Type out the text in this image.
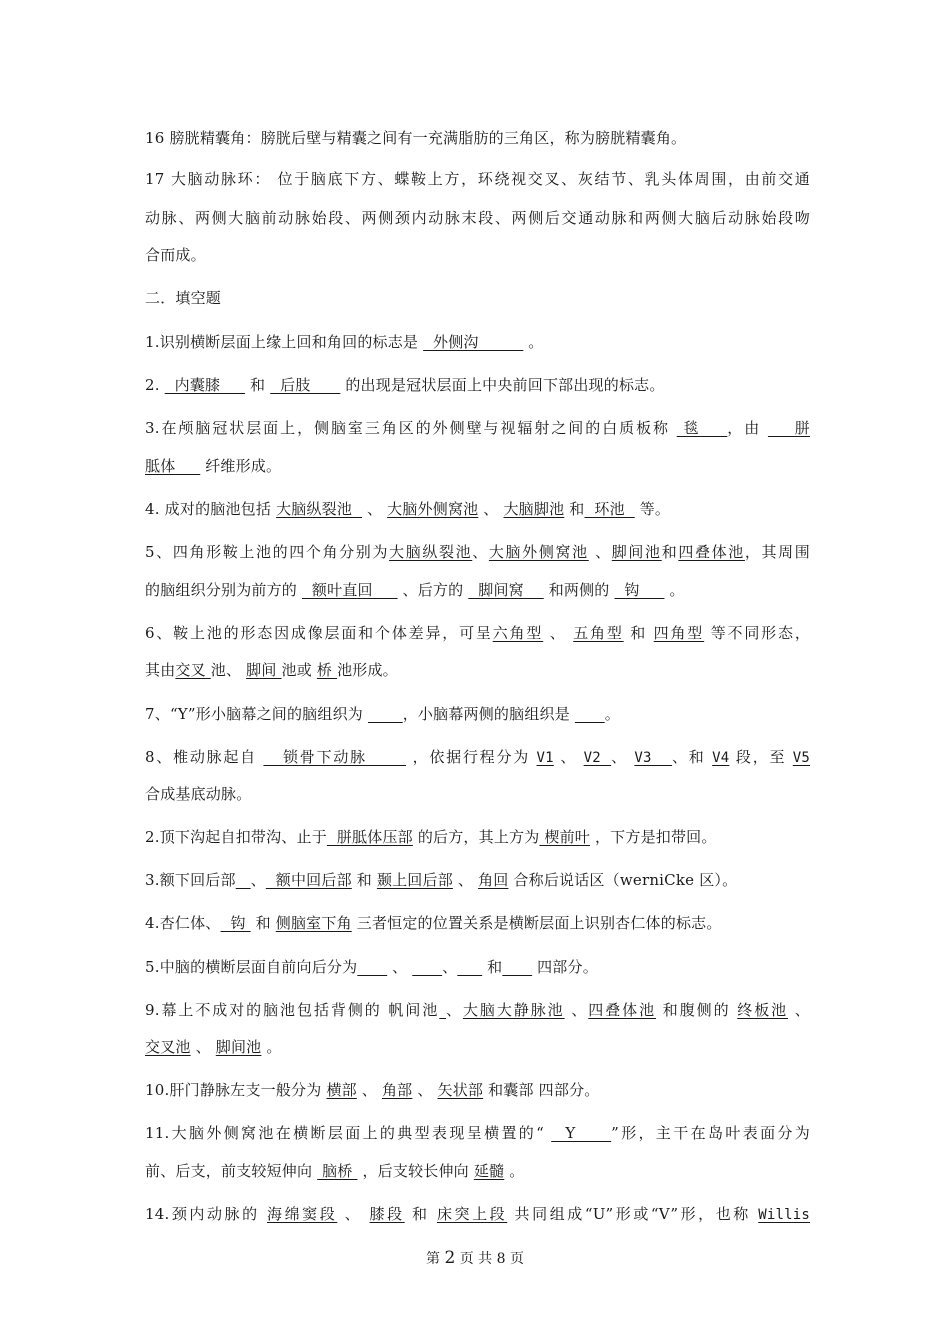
16 膀胱精囊角：膀胱后壁与精囊之间有一充满脂肪的三角区，称为膀胱精囊角。
17 大脑动脉环： 位于脑底下方、蝶鞍上方，环绕视交叉、灰结节、乳头体周围，由前交通
动脉、两侧大脑前动脉始段、两侧颈内动脉末段、两侧后交通动脉和两侧大脑后动脉始段吻
合而成。
二．填空题
1.识别横断层面上缘上回和角回的标志是   外侧沟          。
2.   内囊膝      和   后肢       的出现是冠状层面上中央前回下部出现的标志。
3.在颅脑冠状层面上，侧脑室三角区的外侧壁与视辐射之间的白质板称  毯    ，由     胼
胝体      纤维形成。
4. 成对的脑池包括 大脑纵裂池   、 大脑外侧窝池 、 大脑脚池 和  环池   等。
5、四角形鞍上池的四个角分别为大脑纵裂池、大脑外侧窝池 、脚间池和四叠体池，其周围
的脑组织分别为前方的   额叶直回      、后方的   脚间窝     和两侧的   钩      。
6、鞍上池的形态因成像层面和个体差异，可呈六角型 、 五角型 和 四角型 等不同形态，
其由交叉 池、 脚间 池或 桥 池形成。
7、“Y”形小脑幕之间的脑组织为        ，小脑幕两侧的脑组织是       。
8、椎动脉起自    锁骨下动脉       ，依据行程分为 V1 、 V2 、 V3  、和 V4 段，至 V5
合成基底动脉。
2.顶下沟起自扣带沟、止于  胼胝体压部 的后方，其上方为 楔前叶 ，下方是扣带回。
3.额下回后部 、  额中回后部 和 颞上回后部 、 角回 合称后说话区（werniCke 区）。
4.杏仁体、  钩  和 侧脑室下角 三者恒定的位置关系是横断层面上识别杏仁体的标志。
5.中脑的横断层面自前向后分为       、       、      和       四部分。
9.幕上不成对的脑池包括背侧的 帆间池 、大脑大静脉池 、四叠体池 和腹侧的 终板池 、
交叉池 、 脚间池 。
10.肝门静脉左支一般分为 横部 、 角部 、 矢状部 和囊部 四部分。
11.大脑外侧窝池在横断层面上的典型表现呈横置的“   Y     ”形，主干在岛叶表面分为
前、后支，前支较短伸向  脑桥  ，后支较长伸向 延髓 。
14.颈内动脉的 海绵窦段 、 膝段 和 床突上段 共同组成“U”形或“V”形，也称 Willis
第 2 页 共 8 页
